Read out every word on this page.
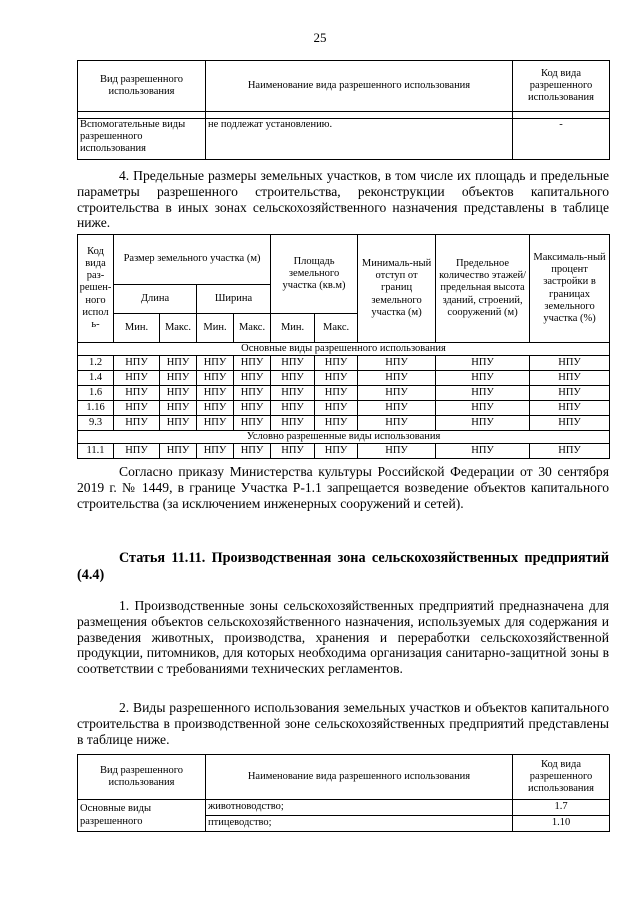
25
Вид разрешенного использования	Наименование вида разрешенного использования	Код вида разрешенного использования

Вспомогательные виды разрешенного использования	не подлежат установлению.	-

4. Предельные размеры земельных участков, в том числе их площадь и предельные параметры разрешенного строительства, реконструкции объектов капитального строительства в иных зонах сельскохозяйственного назначения представлены в таблице ниже.

Код вида раз-решен-ного испол ь-	Размер земельного участка (м)				Площадь земельного участка (кв.м)		Минималь-ный отступ от границ земельного участка (м)	Предельное количество этажей/ предельная высота зданий, строений, сооружений (м)	Максималь-ный процент застройки в границах земельного участка (%)
	Длина		Ширина						
	Мин.	Макс.	Мин.	Макс.	Мин.	Макс.			
Основные виды разрешенного использования									
1.2	НПУ	НПУ	НПУ	НПУ	НПУ	НПУ	НПУ	НПУ	НПУ
1.4	НПУ	НПУ	НПУ	НПУ	НПУ	НПУ	НПУ	НПУ	НПУ
1.6	НПУ	НПУ	НПУ	НПУ	НПУ	НПУ	НПУ	НПУ	НПУ
1.16	НПУ	НПУ	НПУ	НПУ	НПУ	НПУ	НПУ	НПУ	НПУ
9.3	НПУ	НПУ	НПУ	НПУ	НПУ	НПУ	НПУ	НПУ	НПУ
Условно разрешенные виды использования									
11.1	НПУ	НПУ	НПУ	НПУ	НПУ	НПУ	НПУ	НПУ	НПУ

Согласно приказу Министерства культуры Российской Федерации от 30 сентября 2019 г. № 1449, в границе Участка Р-1.1 запрещается возведение объектов капитального строительства (за исключением инженерных сооружений и сетей).

Статья 11.11. Производственная зона сельскохозяйственных предприятий (4.4)

1. Производственные зоны сельскохозяйственных предприятий предназначена для размещения объектов сельскохозяйственного назначения, используемых для содержания и разведения животных, производства, хранения и переработки сельскохозяйственной продукции, питомников, для которых необходима организация санитарно-защитной зоны в соответствии с требованиями технических регламентов.

2. Виды разрешенного использования земельных участков и объектов капитального строительства в производственной зоне сельскохозяйственных предприятий представлены в таблице ниже.

Вид разрешенного использования	Наименование вида разрешенного использования	Код вида разрешенного использования
Основные виды разрешенного	животноводство;	1.7
	птицеводство;	1.10
